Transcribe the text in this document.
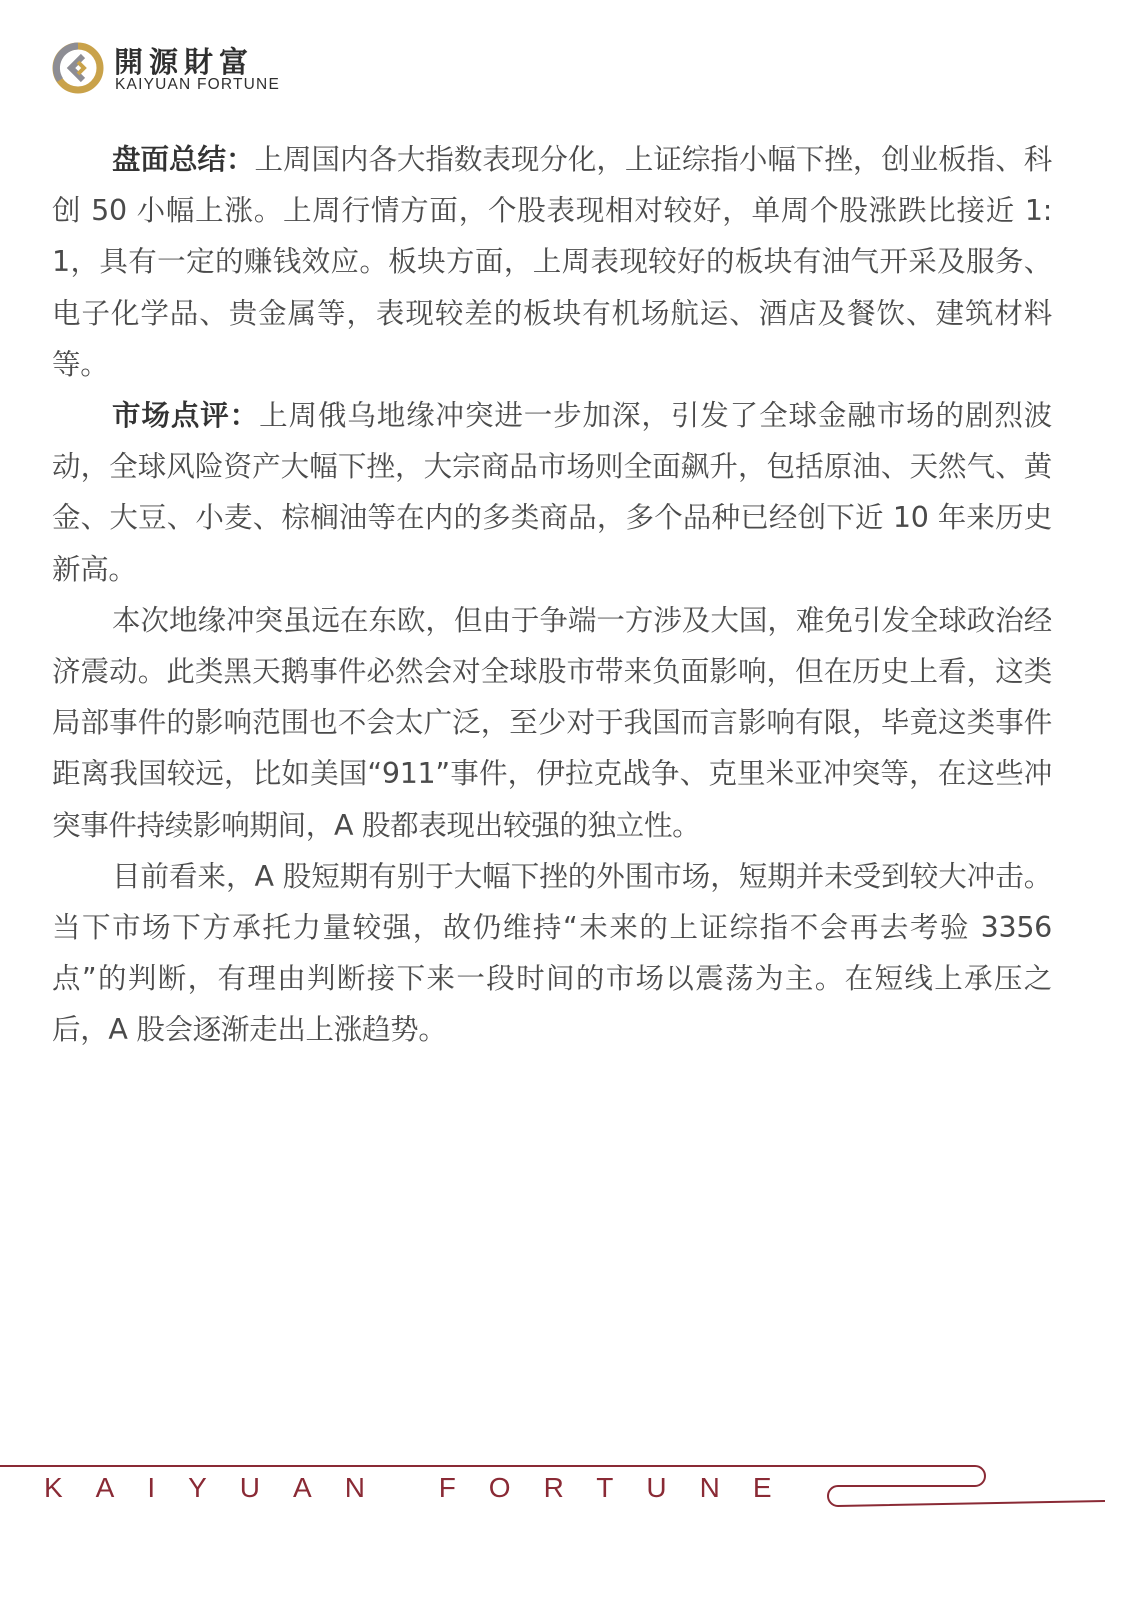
開源財富
KAIYUAN FORTUNE

盘面总结：上周国内各大指数表现分化，上证综指小幅下挫，创业板指、科创 50 小幅上涨。上周行情方面，个股表现相对较好，单周个股涨跌比接近 1:1，具有一定的赚钱效应。板块方面，上周表现较好的板块有油气开采及服务、电子化学品、贵金属等，表现较差的板块有机场航运、酒店及餐饮、建筑材料等。

市场点评：上周俄乌地缘冲突进一步加深，引发了全球金融市场的剧烈波动，全球风险资产大幅下挫，大宗商品市场则全面飙升，包括原油、天然气、黄金、大豆、小麦、棕榈油等在内的多类商品，多个品种已经创下近 10 年来历史新高。

本次地缘冲突虽远在东欧，但由于争端一方涉及大国，难免引发全球政治经济震动。此类黑天鹅事件必然会对全球股市带来负面影响，但在历史上看，这类局部事件的影响范围也不会太广泛，至少对于我国而言影响有限，毕竟这类事件距离我国较远，比如美国“911”事件，伊拉克战争、克里米亚冲突等，在这些冲突事件持续影响期间，A 股都表现出较强的独立性。

目前看来，A 股短期有别于大幅下挫的外围市场，短期并未受到较大冲击。当下市场下方承托力量较强，故仍维持“未来的上证综指不会再去考验 3356 点”的判断，有理由判断接下来一段时间的市场以震荡为主。在短线上承压之后，A 股会逐渐走出上涨趋势。

KAIYUAN FORTUNE
